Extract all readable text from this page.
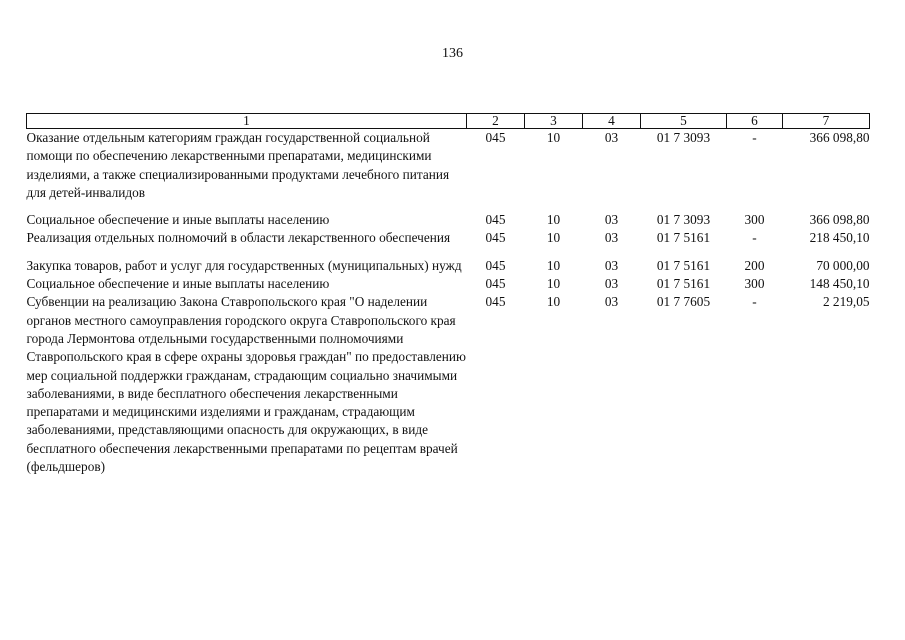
136
1	2	3	4	5	6	7
Оказание отдельным категориям граждан государственной социальной помощи по обеспечению лекарственными препаратами, медицинскими изделиями, а также специализированными продуктами лечебного питания для детей-инвалидов	045	10	03	01 7 3093	-	366 098,80
Социальное обеспечение и иные выплаты населению	045	10	03	01 7 3093	300	366 098,80
Реализация отдельных полномочий в области лекарственного обеспечения	045	10	03	01 7 5161	-	218 450,10
Закупка товаров, работ и услуг для государственных (муниципальных) нужд	045	10	03	01 7 5161	200	70 000,00
Социальное обеспечение и иные выплаты населению	045	10	03	01 7 5161	300	148 450,10
Субвенции на реализацию Закона Ставропольского края "О наделении органов местного самоуправления городского округа Ставропольского края города Лермонтова отдельными государственными полномочиями Ставропольского края в сфере охраны здоровья граждан" по предоставлению мер социальной поддержки гражданам, страдающим социально значимыми заболеваниями, в виде бесплатного обеспечения лекарственными препаратами и медицинскими изделиями и гражданам, страдающим заболеваниями, представляющими опасность для окружающих, в виде бесплатного обеспечения лекарственными препаратами по рецептам врачей (фельдшеров)	045	10	03	01 7 7605	-	2 219,05
